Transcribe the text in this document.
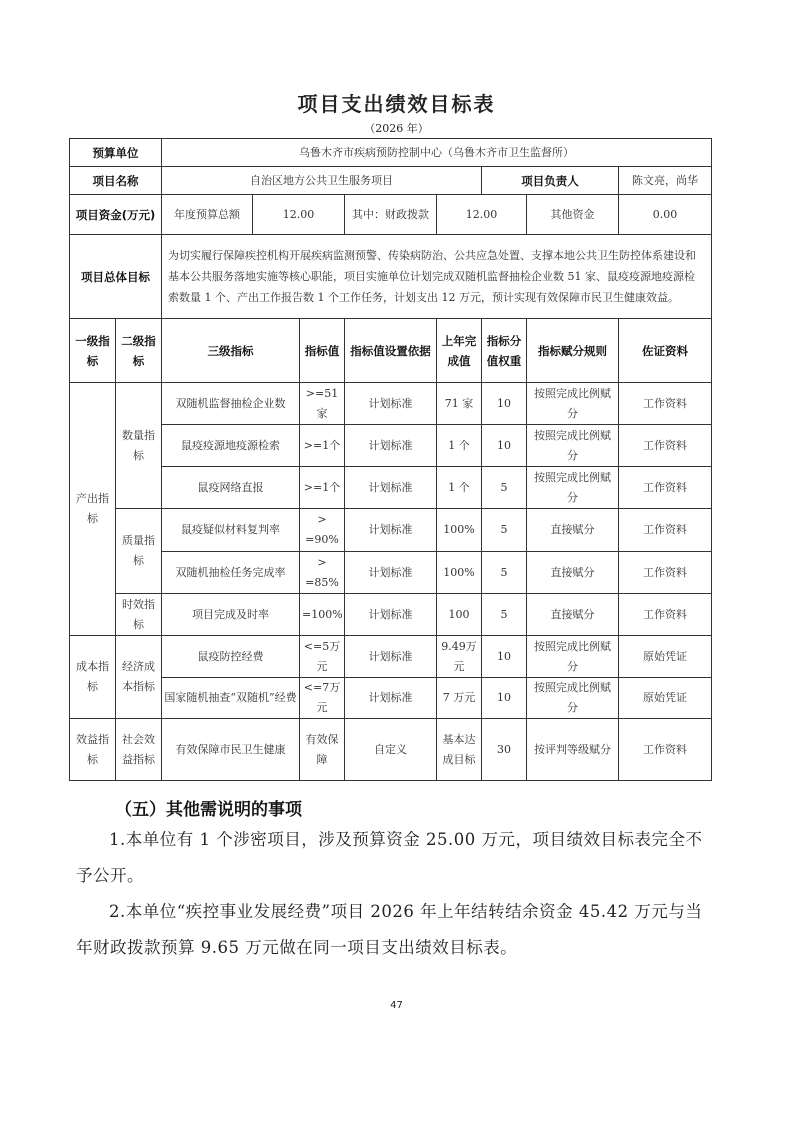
项目支出绩效目标表
（2026 年）
预算单位		乌鲁木齐市疾病预防控制中心（乌鲁木齐市卫生监督所）							
项目名称		自治区地方公共卫生服务项目					项目负责人		陈文亮，尚华
项目资金(万元)		年度预算总额	12.00		其中：财政拨款	12.00		其他资金	0.00
项目总体目标		为切实履行保障疾控机构开展疾病监测预警、传染病防治、公共应急处置、支撑本地公共卫生防控体系建设和基本公共服务落地实施等核心职能，项目实施单位计划完成双随机监督抽检企业数 51 家、鼠疫疫源地疫源检索数量 1 个、产出工作报告数 1 个工作任务，计划支出 12 万元，预计实现有效保障市民卫生健康效益。							
一级指标	二级指标	三级指标		指标值	指标值设置依据	上年完成值	指标分值权重	指标赋分规则	佐证资料
产出指标	数量指标	双随机监督抽检企业数		>=51家	计划标准	71 家	10	按照完成比例赋分	工作资料
		鼠疫疫源地疫源检索		>=1个	计划标准	1 个	10	按照完成比例赋分	工作资料
		鼠疫网络直报		>=1个	计划标准	1 个	5	按照完成比例赋分	工作资料
	质量指标	鼠疫疑似材料复判率		> =90%	计划标准	100%	5	直接赋分	工作资料
		双随机抽检任务完成率		> =85%	计划标准	100%	5	直接赋分	工作资料
	时效指标	项目完成及时率		=100%	计划标准	100	5	直接赋分	工作资料
成本指标	经济成本指标	鼠疫防控经费		<=5万元	计划标准	9.49万元	10	按照完成比例赋分	原始凭证
		国家随机抽查“双随机”经费		<=7万元	计划标准	7 万元	10	按照完成比例赋分	原始凭证
效益指标	社会效益指标	有效保障市民卫生健康		有效保障	自定义	基本达成目标	30	按评判等级赋分	工作资料
（五）其他需说明的事项
1.本单位有 1 个涉密项目，涉及预算资金 25.00 万元，项目绩效目标表完全不予公开。
2.本单位“疾控事业发展经费”项目 2026 年上年结转结余资金 45.42 万元与当年财政拨款预算 9.65 万元做在同一项目支出绩效目标表。
47
